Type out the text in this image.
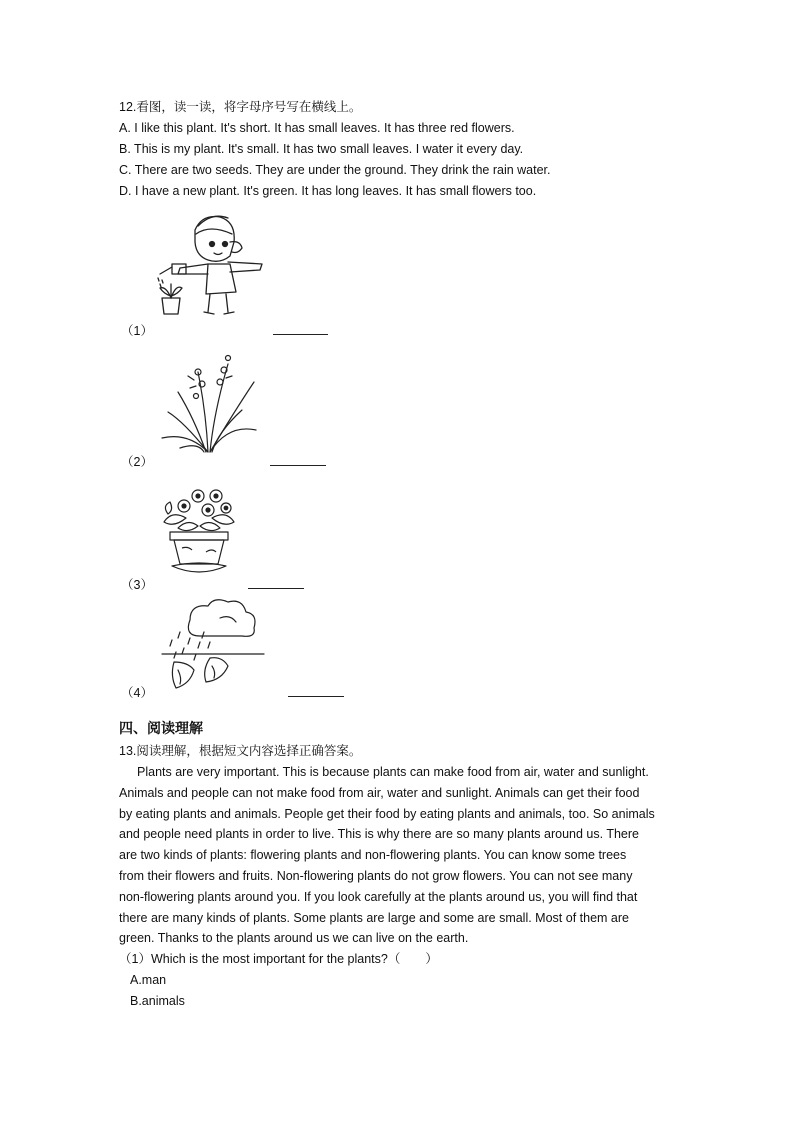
12.看图，读一读，将字母序号写在横线上。
A. I like this plant. It's short. It has small leaves. It has three red flowers.
B. This is my plant. It's small. It has two small leaves. I water it every day.
C. There are two seeds. They are under the ground. They drink the rain water.
D. I have a new plant. It's green. It has long leaves. It has small flowers too.
（1）
（2）
（3）
（4）
四、阅读理解
13.阅读理解，根据短文内容选择正确答案。
Plants are very important. This is because plants can make food from air, water and sunlight.
Animals and people can not make food from air, water and sunlight. Animals can get their food
by eating plants and animals. People get their food by eating plants and animals, too. So animals
and people need plants in order to live. This is why there are so many plants around us. There
are two kinds of plants: flowering plants and non-flowering plants. You can know some trees
from their flowers and fruits. Non-flowering plants do not grow flowers. You can not see many
non-flowering plants around you. If you look carefully at the plants around us, you will find that
there are many kinds of plants. Some plants are large and some are small. Most of them are
green. Thanks to the plants around us we can live on the earth.
（1）Which is the most important for the plants?（　　）
A.man
B.animals
